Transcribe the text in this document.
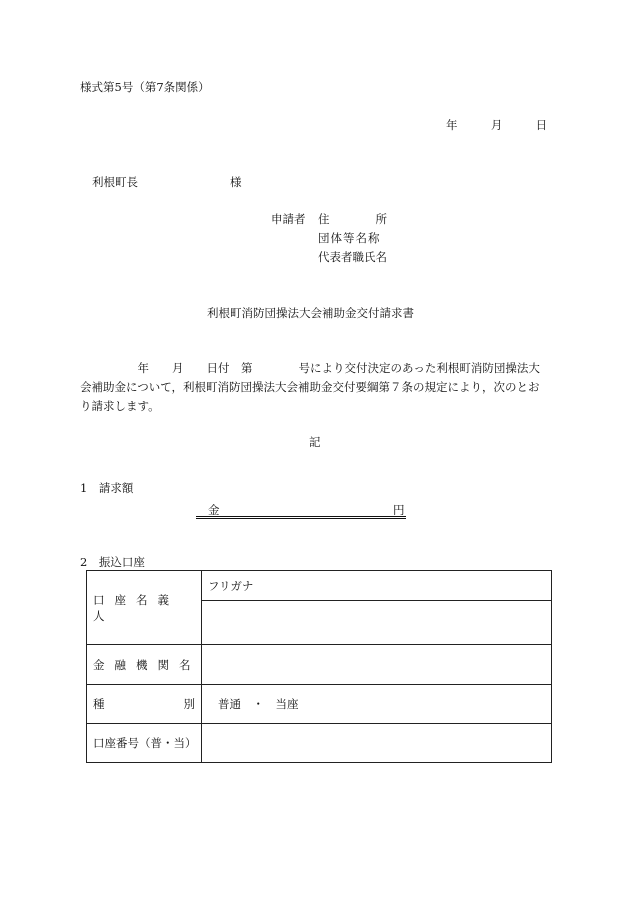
様式第5号（第7条関係）
年	月	日
利根町長	様
申請者 住　　　　所
団体等名称
代表者職氏名
利根町消防団操法大会補助金交付請求書
　　　　　年　　月　　日付　第　　　　号により交付決定のあった利根町消防団操法大
会補助金について，利根町消防団操法大会補助金交付要綱第７条の規定により，次のとお
り請求します。
記
1　請求額
金	円
2　振込口座
口座名義人	フリガナ

金融機関名	

種 別	普通　・　当座
口座番号（普・当）	
